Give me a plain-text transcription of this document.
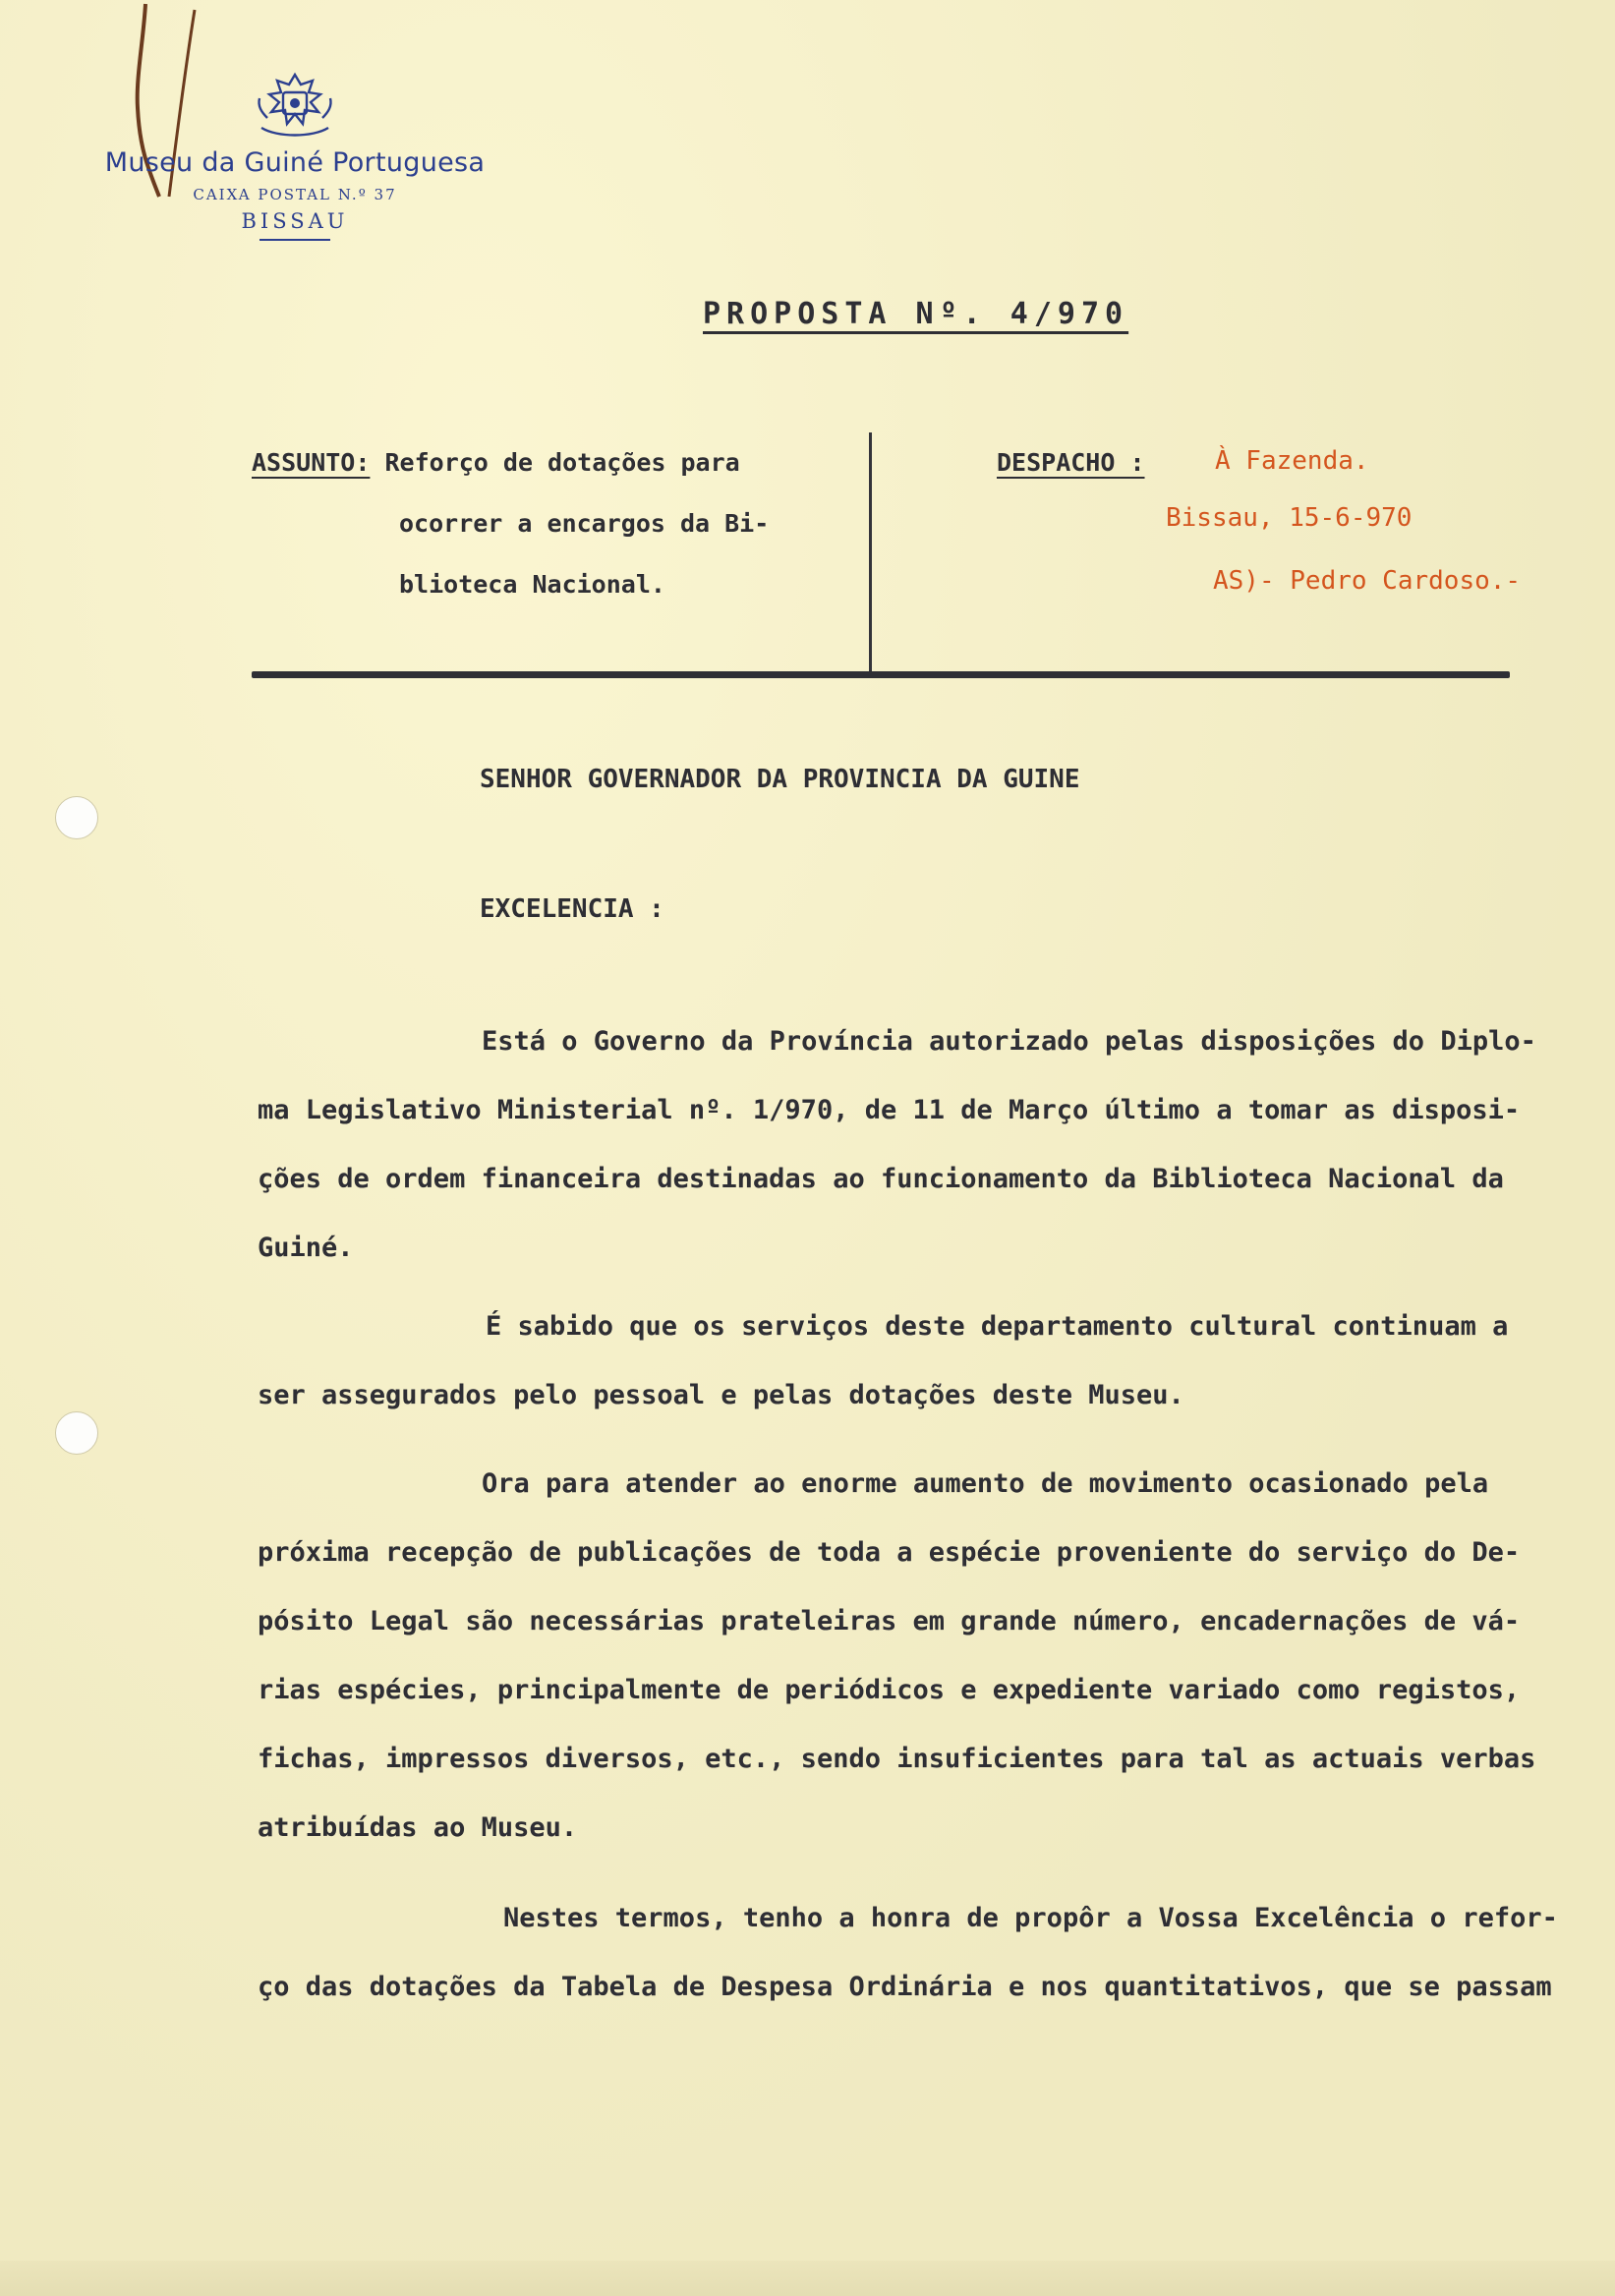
Museu da Guiné Portuguesa
CAIXA POSTAL N.º 37
BISSAU
PROPOSTA Nº. 4/970
ASSUNTO: Reforço de dotações para
ocorrer a encargos da Bi-
blioteca Nacional.
DESPACHO :	À Fazenda.
Bissau, 15-6-970
AS)- Pedro Cardoso.-
SENHOR GOVERNADOR DA PROVINCIA DA GUINE
EXCELENCIA :

Está o Governo da Província autorizado pelas disposições do Diplo-
ma Legislativo Ministerial nº. 1/970, de 11 de Março último a tomar as disposi-
ções de ordem financeira destinadas ao funcionamento da Biblioteca Nacional da
Guiné.

É sabido que os serviços deste departamento cultural continuam a
ser assegurados pelo pessoal e pelas dotações deste Museu.

Ora para atender ao enorme aumento de movimento ocasionado pela
próxima recepção de publicações de toda a espécie proveniente do serviço do De-
pósito Legal são necessárias prateleiras em grande número, encadernações de vá-
rias espécies, principalmente de periódicos e expediente variado como registos,
fichas, impressos diversos, etc., sendo insuficientes para tal as actuais verbas
atribuídas ao Museu.

Nestes termos, tenho a honra de propôr a Vossa Excelência o refor-
ço das dotações da Tabela de Despesa Ordinária e nos quantitativos, que se passam
